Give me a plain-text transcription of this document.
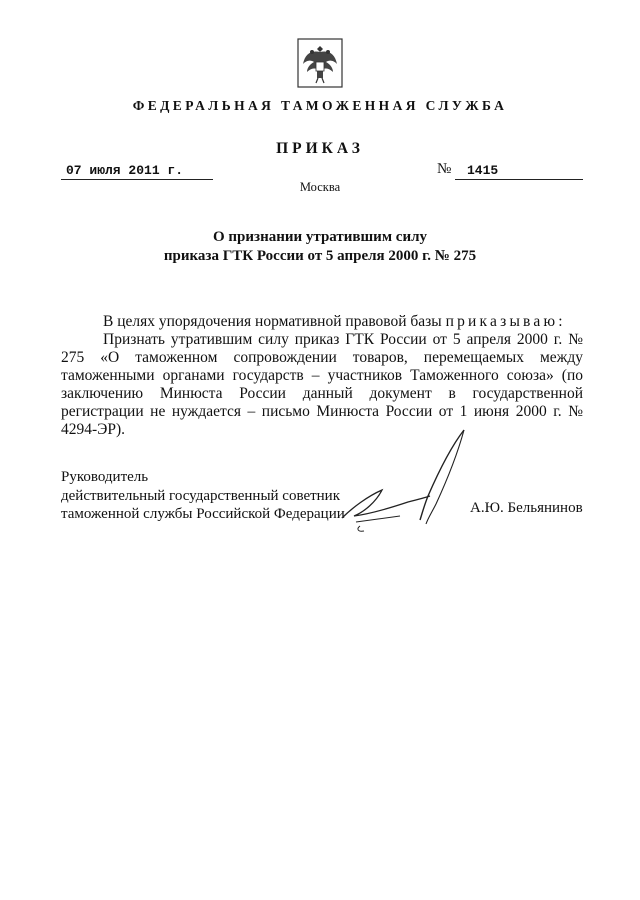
ФЕДЕРАЛЬНАЯ ТАМОЖЕННАЯ СЛУЖБА
ПРИКАЗ
07 июля 2011 г.	№	1415
Москва
О признании утратившим силу
приказа ГТК России от 5 апреля 2000 г. № 275

В целях упорядочения нормативной правовой базы приказываю:

Признать утратившим силу приказ ГТК России от 5 апреля 2000 г. № 275 «О таможенном сопровождении товаров, перемещаемых между таможенными органами государств – участников Таможенного союза» (по заключению Минюста России данный документ в государственной регистрации не нуждается – письмо Минюста России от 1 июня 2000 г. № 4294-ЭР).

Руководитель
действительный государственный советник
таможенной службы Российской Федерации	А.Ю. Бельянинов
